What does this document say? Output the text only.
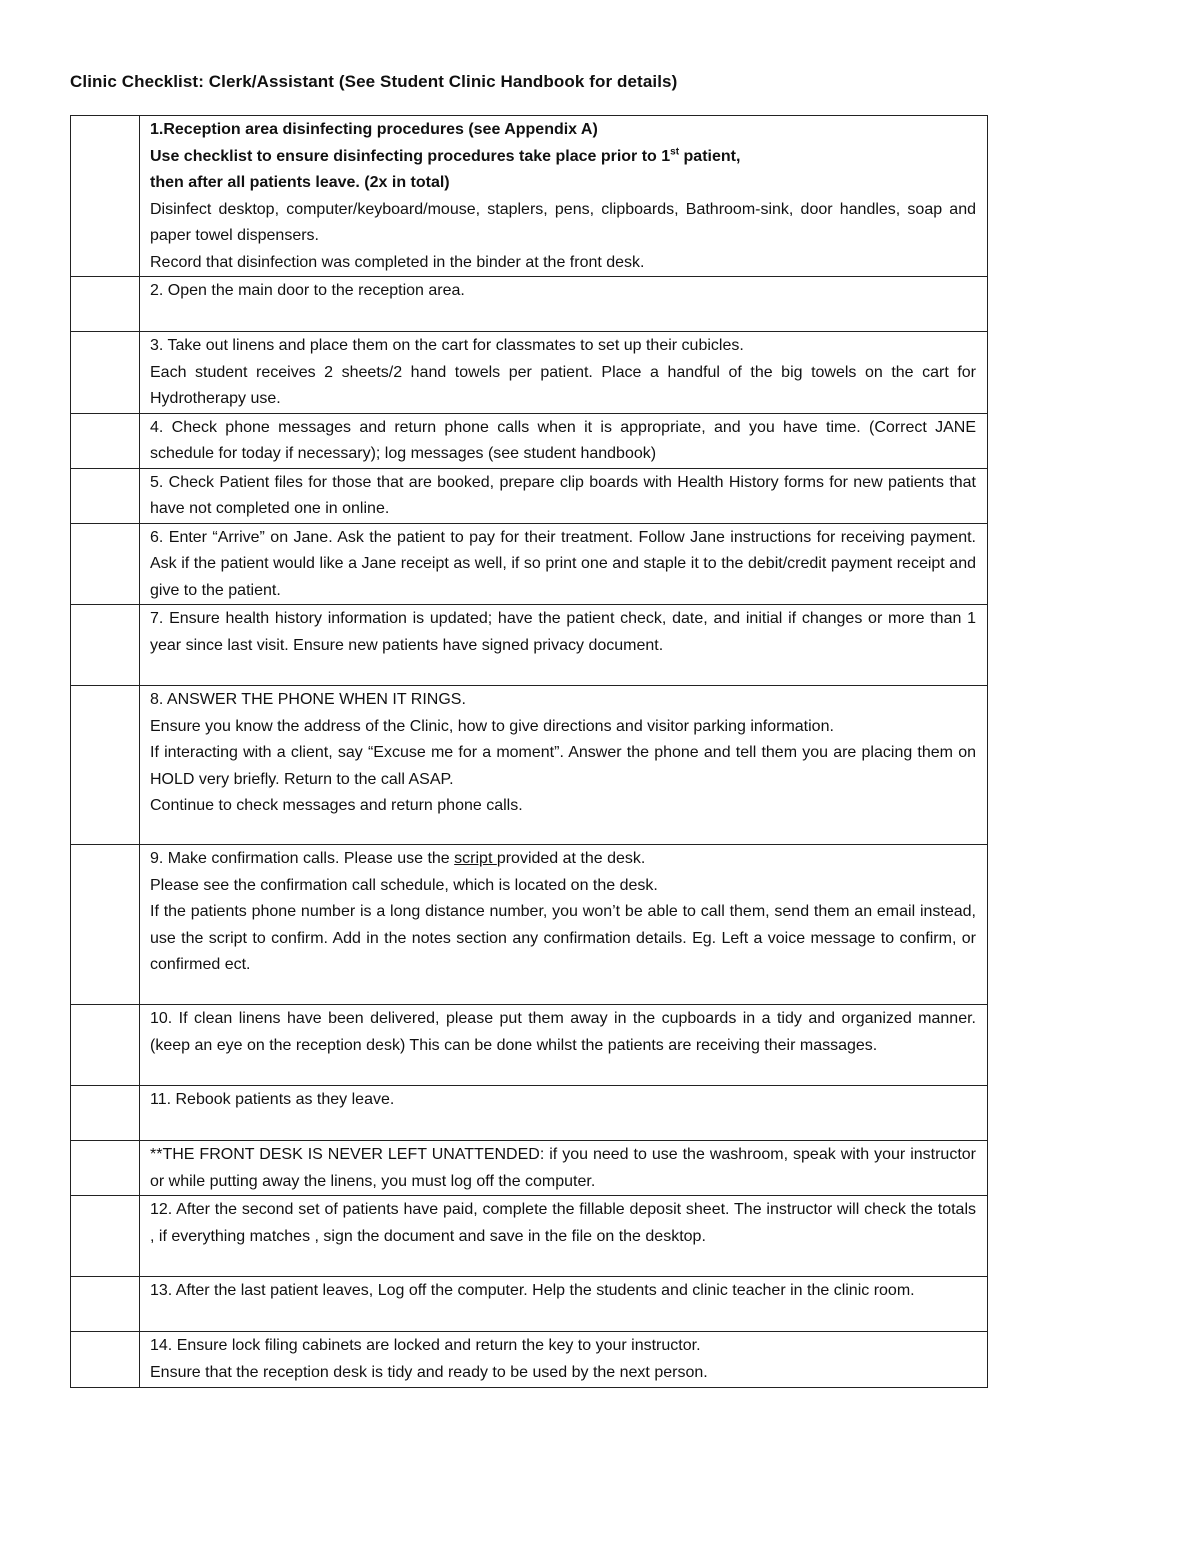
Clinic Checklist: Clerk/Assistant (See Student Clinic Handbook for details)

	1.Reception area disinfecting procedures (see Appendix A)
Use checklist to ensure disinfecting procedures take place prior to 1st patient,
then after all patients leave. (2x in total)
Disinfect desktop, computer/keyboard/mouse, staplers, pens, clipboards, Bathroom-sink, door handles, soap and paper towel dispensers.
Record that disinfection was completed in the binder at the front desk.

	2. Open the main door to the reception area.

	3. Take out linens and place them on the cart for classmates to set up their cubicles.
Each student receives 2 sheets/2 hand towels per patient. Place a handful of the big towels on the cart for Hydrotherapy use.

	4. Check phone messages and return phone calls when it is appropriate, and you have time. (Correct JANE schedule for today if necessary); log messages (see student handbook)
	5. Check Patient files for those that are booked, prepare clip boards with Health History forms for new patients that have not completed one in online.
	6. Enter “Arrive” on Jane. Ask the patient to pay for their treatment. Follow Jane instructions for receiving payment. Ask if the patient would like a Jane receipt as well, if so print one and staple it to the debit/credit payment receipt and give to the patient.
	7. Ensure health history information is updated; have the patient check, date, and initial if changes or more than 1 year since last visit. Ensure new patients have signed privacy document.

	8. ANSWER THE PHONE WHEN IT RINGS.
Ensure you know the address of the Clinic, how to give directions and visitor parking information.
If interacting with a client, say “Excuse me for a moment”. Answer the phone and tell them you are placing them on HOLD very briefly. Return to the call ASAP.
Continue to check messages and return phone calls.

	9. Make confirmation calls. Please use the script provided at the desk.
Please see the confirmation call schedule, which is located on the desk.
If the patients phone number is a long distance number, you won’t be able to call them, send them an email instead, use the script to confirm. Add in the notes section any confirmation details. Eg. Left a voice message to confirm, or confirmed ect.

	10. If clean linens have been delivered, please put them away in the cupboards in a tidy and organized manner. (keep an eye on the reception desk) This can be done whilst the patients are receiving their massages.
	11. Rebook patients as they leave.
	**THE FRONT DESK IS NEVER LEFT UNATTENDED: if you need to use the washroom, speak with your instructor or while putting away the linens, you must log off the computer.
	12. After the second set of patients have paid, complete the fillable deposit sheet. The instructor will check the totals , if everything matches , sign the document and save in the file on the desktop.
	13. After the last patient leaves, Log off the computer. Help the students and clinic teacher in the clinic room.

	14. Ensure lock filing cabinets are locked and return the key to your instructor.
Ensure that the reception desk is tidy and ready to be used by the next person.
